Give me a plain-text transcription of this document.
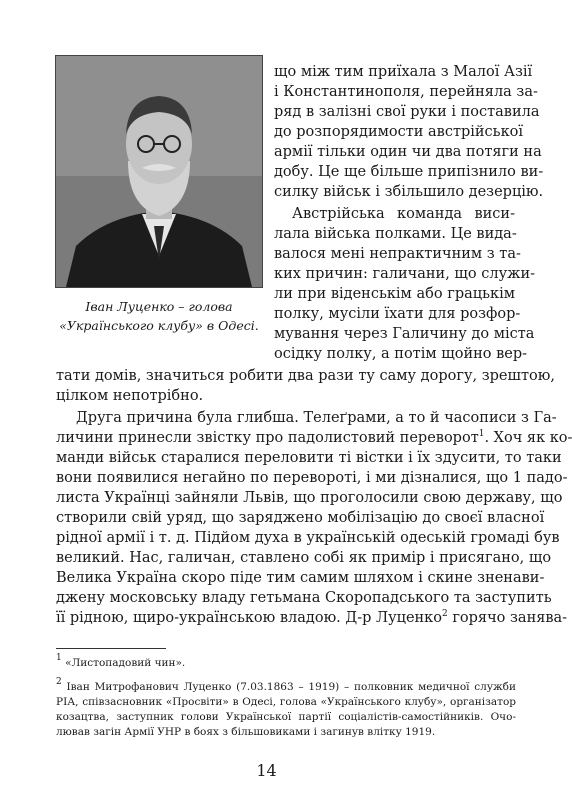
Іван Луценко – голова
«Українського клубу» в Одесі.
що між тим приїхала з Малої Азії
і Константинополя, перейняла за-
ряд в залізні свої руки і поставила
до розпорядимости австрійської
армії тільки один чи два потяги на
добу. Це ще більше припізнило ви-
силку військ і збільшило дезерцію.
Австрійська команда виси-
лала війська полками. Це вида-
валося мені непрактичним з та-
ких причин: галичани, що служи-
ли при віденськім або грацькім
полку, мусіли їхати для розфор-
мування через Галичину до міста
осідку полку, а потім щойно вер-
тати домів, значиться робити два рази ту саму дорогу, зрештою,
цілком непотрібно.
Друга причина була глибша. Телеґрами, а то й часописи з Га-
личини принесли звістку про падолистовий переворот$^1$. Хоч як ко-
манди військ старалися переловити ті вістки і їх здусити, то таки
вони появилися негайно по перевороті, і ми дізналися, що 1 падо-
листа Українці зайняли Львів, що проголосили свою державу, що
створили свій уряд, що заряджено мобілізацію до своєї власної
рідної армії і т. д. Підйом духа в українській одеській громаді був
великий. Нас, галичан, ставлено собі як примір і присягано, що
Велика Україна скоро піде тим самим шляхом і скине зненави-
джену московську владу гетьмана Скоропадського та заступить
її рідною, щиро-українською владою. Д-р Луценко$^2$ горячо занява-
$^1$ «Листопадовий чин».
$^2$ Іван Митрофанович Луценко (7.03.1863 – 1919) – полковник медичної служби
РІА, співзасновник «Просвіти» в Одесі, голова «Українського клубу», організатор
козацтва, заступник голови Української партії соціалістів-самостійників. Очо-
лював загін Армії УНР в боях з більшовиками і загинув влітку 1919.
14
